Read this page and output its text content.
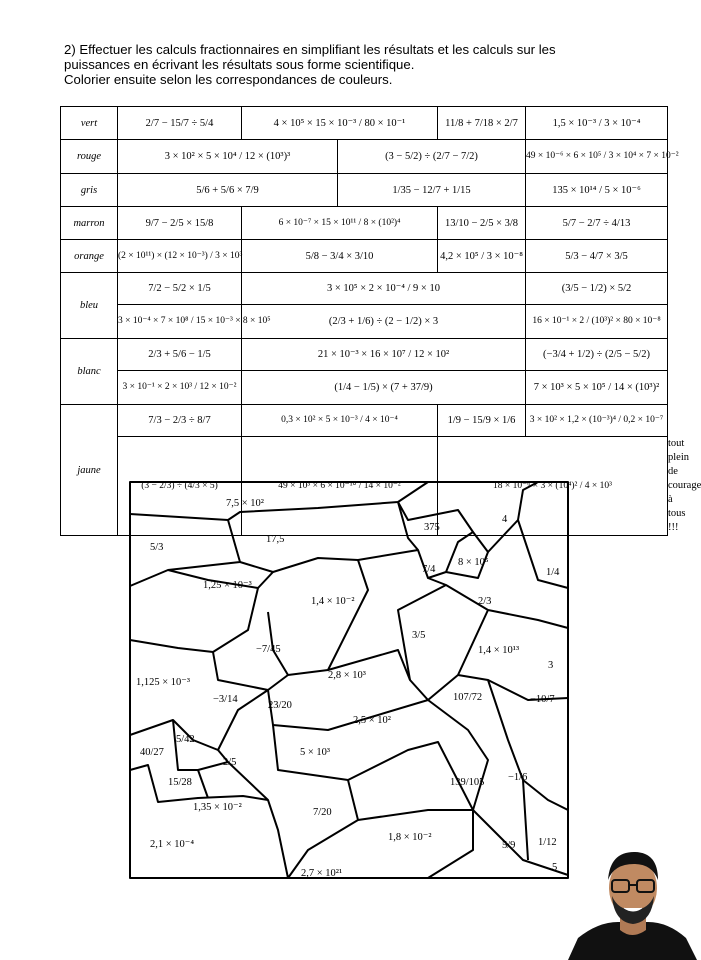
2) Effectuer les calculs fractionnaires en simplifiant les résultats et les calculs sur les
puissances en écrivant les résultats sous forme scientifique.
Colorier ensuite selon les correspondances de couleurs.
vert	2/7 − 15/7 ÷ 5/4	4 × 10⁵ × 15 × 10⁻³ / 80 × 10⁻¹		11/8 + 7/18 × 2/7	1,5 × 10⁻³ / 3 × 10⁻⁴	

rouge	3 × 10² × 5 × 10⁴ / 12 × (10³)³		(3 − 5/2) ÷ (2/7 − 7/2)		49 × 10⁻⁶ × 6 × 10⁵ / 3 × 10⁴ × 7 × 10⁻²	

gris	5/6 + 5/6 × 7/9		1/35 − 12/7 + 1/15		135 × 10¹⁴ / 5 × 10⁻⁶	

marron	9/7 − 2/5 × 15/8	6 × 10⁻⁷ × 15 × 10¹¹ / 8 × (10²)⁴		13/10 − 2/5 × 3/8	5/7 − 2/7 ÷ 4/13	

orange	(2 × 10¹¹) × (12 × 10⁻³) / 3 × 10³	5/8 − 3/4 × 3/10		4,2 × 10⁵ / 3 × 10⁻⁸	5/3 − 4/7 × 3/5	

bleu	7/2 − 5/2 × 1/5	3 × 10⁵ × 2 × 10⁻⁴ / 9 × 10			(3/5 − 1/2) × 5/2	

	3 × 10⁻⁴ × 7 × 10⁸ / 15 × 10⁻³ × 8 × 10⁵	(2/3 + 1/6) ÷ (2 − 1/2) × 3			16 × 10⁻¹ × 2 / (10³)² × 80 × 10⁻⁸	

blanc	2/3 + 5/6 − 1/5	21 × 10⁻³ × 16 × 10⁷ / 12 × 10²			(−3/4 + 1/2) ÷ (2/5 − 5/2)	

	3 × 10⁻¹ × 2 × 10³ / 12 × 10⁻²	(1/4 − 1/5) × (7 + 37/9)			7 × 10³ × 5 × 10⁵ / 14 × (10³)²	

jaune	7/3 − 2/3 ÷ 8/7	0,3 × 10² × 5 × 10⁻³ / 4 × 10⁻⁴		1/9 − 15/9 × 1/6	3 × 10² × 1,2 × (10⁻³)⁴ / 0,2 × 10⁻⁷	

	(3 − 2/3) ÷ (4/3 × 5)	49 × 10³ × 6 × 10⁻¹⁰ / 14 × 10⁻²		18 × 10⁻⁶ × 3 × (10⁴)² / 4 × 10³		tout plein de courage à tous !!!
7,5 × 10²
375
4
5/3
17,5
8 × 10⁵
7/4	1/4
1,25 × 10⁻³
1,4 × 10⁻²	2/3
−7/45
3/5
1,4 × 10¹³
3
2,8 × 10³
1,125 × 10⁻³
−3/14
23/20
107/72	−10/7
2,5 × 10²
5/42
40/27
2/5
5 × 10³
15/28	139/105 −1/6
1,35 × 10⁻²	7/20
2,1 × 10⁻⁴
1,8 × 10⁻²
5/9 1/12
5
2,7 × 10²¹
